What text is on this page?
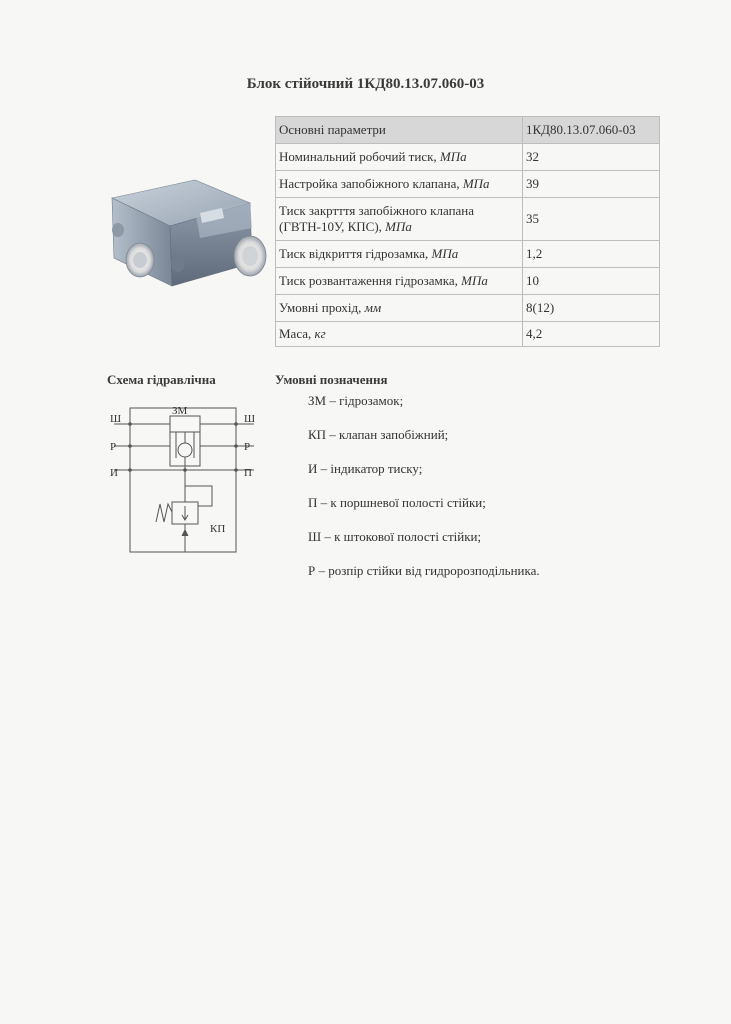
Блок стійочний 1КД80.13.07.060-03
Основні параметри	1КД80.13.07.060-03
Номинальний робочий тиск, МПа	32
Настройка запобіжного клапана, МПа	39
Тиск закртття запобіжного клапана (ГВТН-10У, КПС), МПа	35
Тиск відкриття гідрозамка, МПа	1,2
Тиск розвантаження гідрозамка, МПа	10
Умовні прохід, мм	8(12)
Маса, кг	4,2
Схема гідравлічна	Умовні позначення
ЗМ – гідрозамок;
КП – клапан запобіжний;
И – індикатор тиску;
П – к поршневої полості стійки;
Ш – к штокової полості стійки;
Р – розпір стійки від гидророзподільника.
Ш	Ш
Р	Р
И	П
ЗМ
КП
